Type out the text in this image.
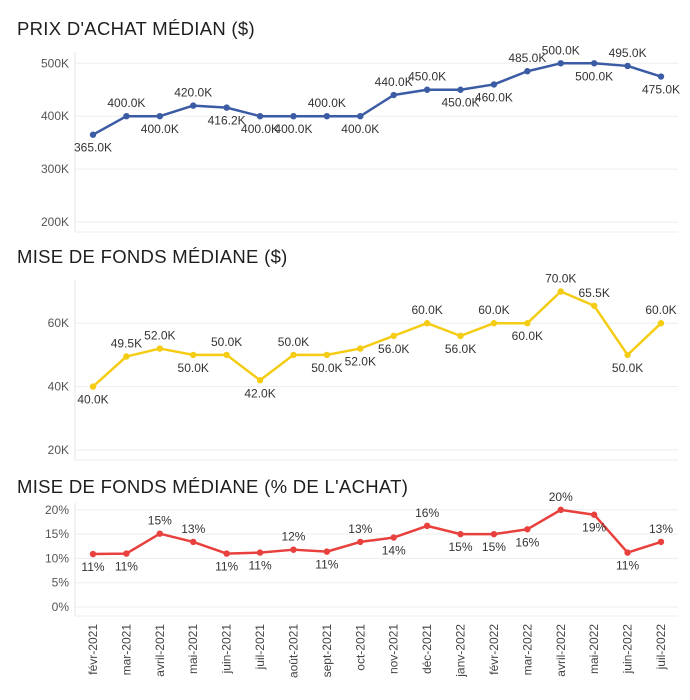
PRIX D'ACHAT MÉDIAN ($)
MISE DE FONDS MÉDIANE ($)
MISE DE FONDS MÉDIANE (% DE L'ACHAT)
200K
300K
400K
500K
365.0K
400.0K
400.0K
420.0K
416.2K
400.0K
400.0K
400.0K
400.0K
440.0K
450.0K
450.0K
460.0K
485.0K
500.0K
500.0K
495.0K
475.0K
20K
40K
60K
40.0K
49.5K
52.0K
50.0K
50.0K
42.0K
50.0K
50.0K 52.0K
56.0K
60.0K
56.0K
60.0K
60.0K
70.0K
65.5K
50.0K
60.0K
0%
5%
10%
15%
20%
11% 11%
15%
13%
11% 11%
12%
11%
13%
14%
16%
15% 15% 16%
20%
19%
11%
13%
févr-2021 mar-2021 avril-2021 mai-2021 juin-2021 juil-2021 août-2021 sept-2021 oct-2021 nov-2021 déc-2021 janv-2022 févr-2022 mar-2022 avril-2022 mai-2022 juin-2022 juil-2022
